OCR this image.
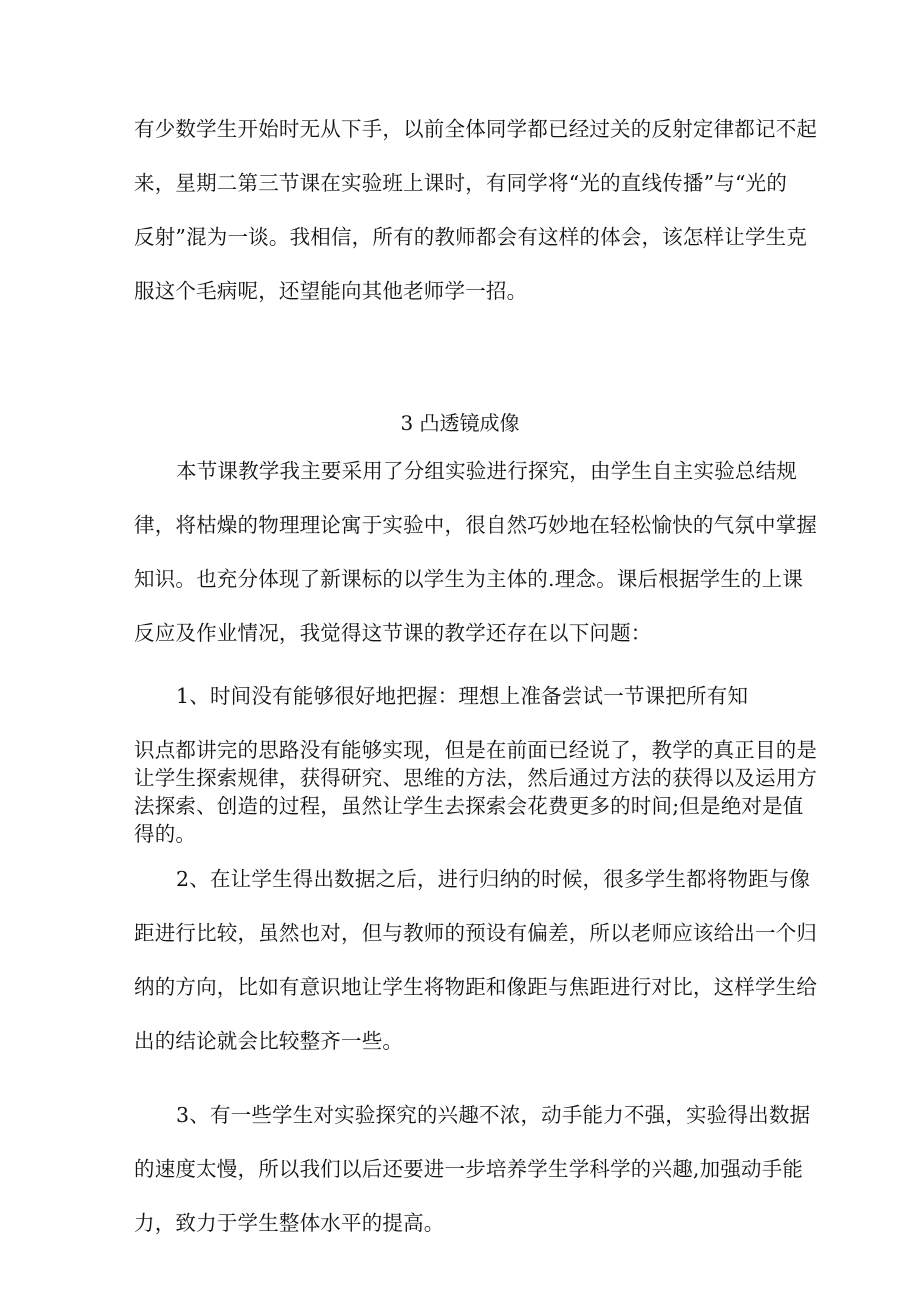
有少数学生开始时无从下手，以前全体同学都已经过关的反射定律都记不起
来，星期二第三节课在实验班上课时，有同学将“光的直线传播”与“光的
反射”混为一谈。我相信，所有的教师都会有这样的体会，该怎样让学生克
服这个毛病呢，还望能向其他老师学一招。
3 凸透镜成像
本节课教学我主要采用了分组实验进行探究，由学生自主实验总结规
律，将枯燥的物理理论寓于实验中，很自然巧妙地在轻松愉快的气氛中掌握
知识。也充分体现了新课标的以学生为主体的.理念。课后根据学生的上课
反应及作业情况，我觉得这节课的教学还存在以下问题：
1、时间没有能够很好地把握：理想上准备尝试一节课把所有知
识点都讲完的思路没有能够实现，但是在前面已经说了，教学的真正目的是
让学生探索规律，获得研究、思维的方法，然后通过方法的获得以及运用方
法探索、创造的过程，虽然让学生去探索会花费更多的时间;但是绝对是值
得的。
2、在让学生得出数据之后，进行归纳的时候，很多学生都将物距与像
距进行比较，虽然也对，但与教师的预设有偏差，所以老师应该给出一个归
纳的方向，比如有意识地让学生将物距和像距与焦距进行对比，这样学生给
出的结论就会比较整齐一些。
3、有一些学生对实验探究的兴趣不浓，动手能力不强，实验得出数据
的速度太慢，所以我们以后还要进一步培养学生学科学的兴趣,加强动手能
力，致力于学生整体水平的提高。
